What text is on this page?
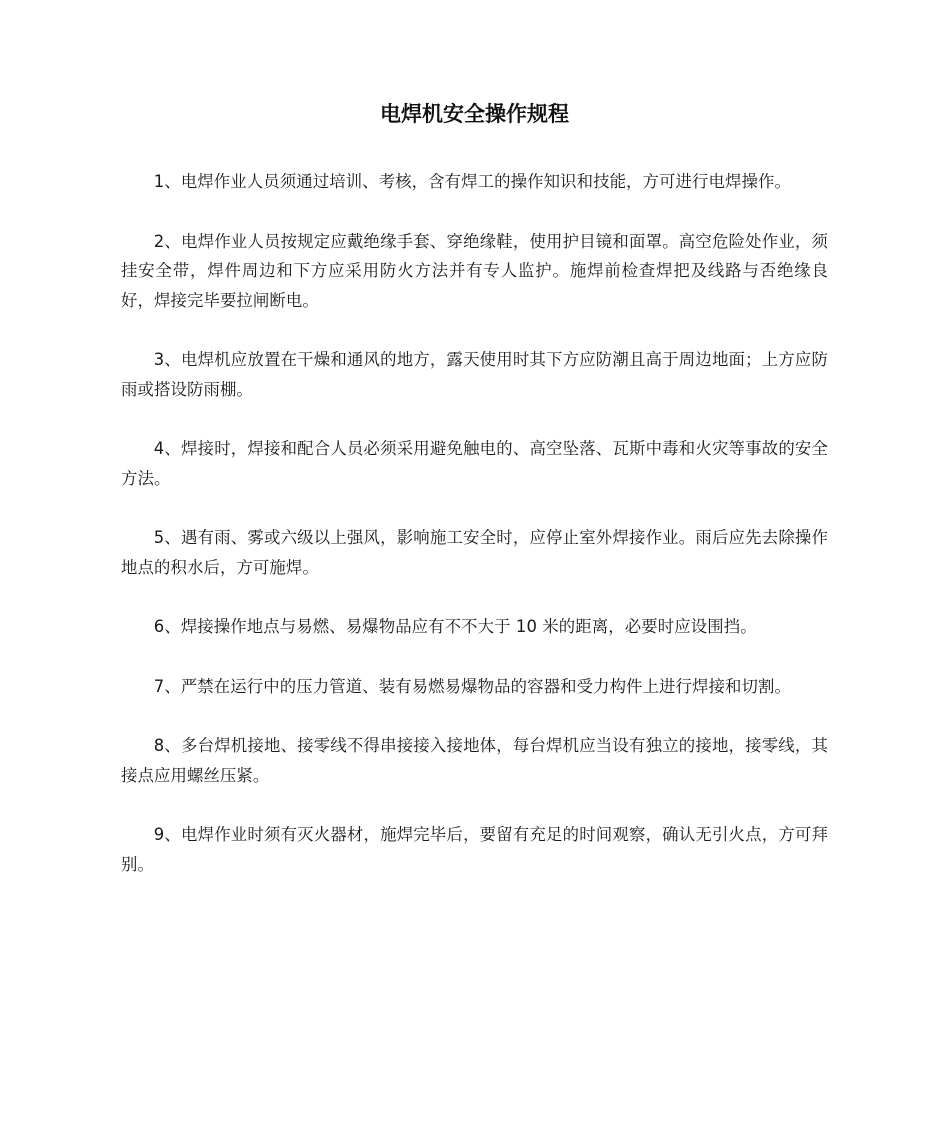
电焊机安全操作规程

1、电焊作业人员须通过培训、考核，含有焊工的操作知识和技能，方可进行电焊操作。

2、电焊作业人员按规定应戴绝缘手套、穿绝缘鞋，使用护目镜和面罩。高空危险处作业，须挂安全带，焊件周边和下方应采用防火方法并有专人监护。施焊前检查焊把及线路与否绝缘良好，焊接完毕要拉闸断电。

3、电焊机应放置在干燥和通风的地方，露天使用时其下方应防潮且高于周边地面；上方应防雨或搭设防雨棚。

4、焊接时，焊接和配合人员必须采用避免触电的、高空坠落、瓦斯中毒和火灾等事故的安全方法。

5、遇有雨、雾或六级以上强风，影响施工安全时，应停止室外焊接作业。雨后应先去除操作地点的积水后，方可施焊。

6、焊接操作地点与易燃、易爆物品应有不不大于 10 米的距离，必要时应设围挡。

7、严禁在运行中的压力管道、装有易燃易爆物品的容器和受力构件上进行焊接和切割。

8、多台焊机接地、接零线不得串接接入接地体，每台焊机应当设有独立的接地，接零线，其接点应用螺丝压紧。

9、电焊作业时须有灭火器材，施焊完毕后，要留有充足的时间观察，确认无引火点，方可拜别。
